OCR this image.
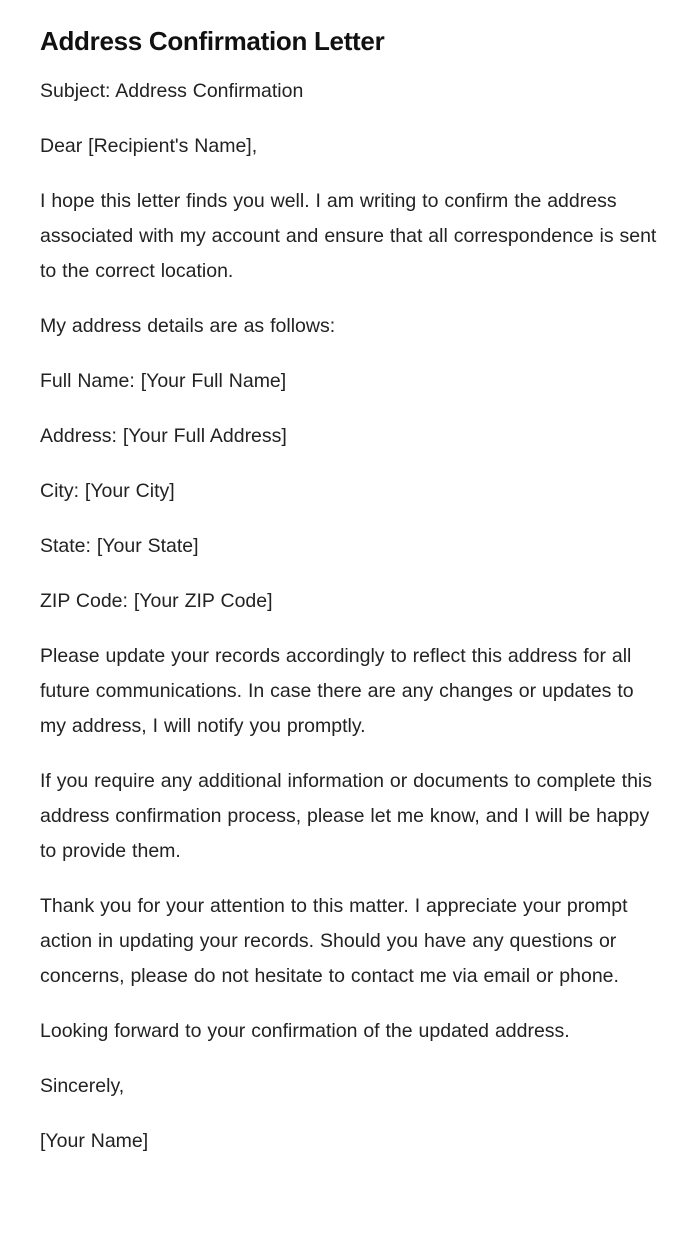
Address Confirmation Letter

Subject: Address Confirmation

Dear [Recipient's Name],

I hope this letter finds you well. I am writing to confirm the address associated with my account and ensure that all correspondence is sent to the correct location.

My address details are as follows:

Full Name: [Your Full Name]

Address: [Your Full Address]

City: [Your City]

State: [Your State]

ZIP Code: [Your ZIP Code]

Please update your records accordingly to reflect this address for all future communications. In case there are any changes or updates to my address, I will notify you promptly.

If you require any additional information or documents to complete this address confirmation process, please let me know, and I will be happy to provide them.

Thank you for your attention to this matter. I appreciate your prompt action in updating your records. Should you have any questions or concerns, please do not hesitate to contact me via email or phone.

Looking forward to your confirmation of the updated address.

Sincerely,

[Your Name]
